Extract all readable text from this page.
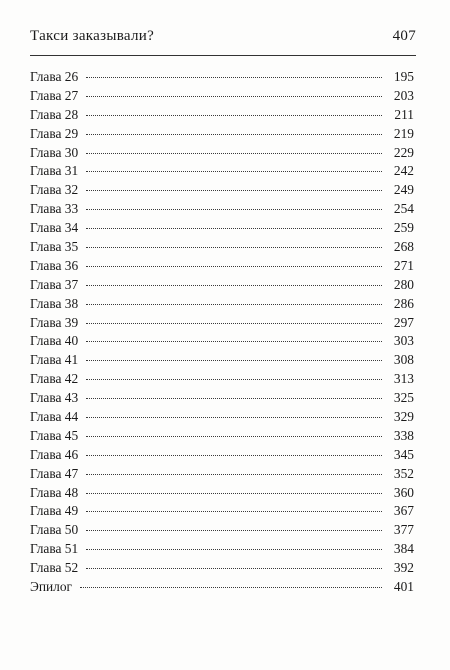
Такси заказывали?	407
Глава 26	195
Глава 27	203
Глава 28	211
Глава 29	219
Глава 30	229
Глава 31	242
Глава 32	249
Глава 33	254
Глава 34	259
Глава 35	268
Глава 36	271
Глава 37	280
Глава 38	286
Глава 39	297
Глава 40	303
Глава 41	308
Глава 42	313
Глава 43	325
Глава 44	329
Глава 45	338
Глава 46	345
Глава 47	352
Глава 48	360
Глава 49	367
Глава 50	377
Глава 51	384
Глава 52	392
Эпилог	401
